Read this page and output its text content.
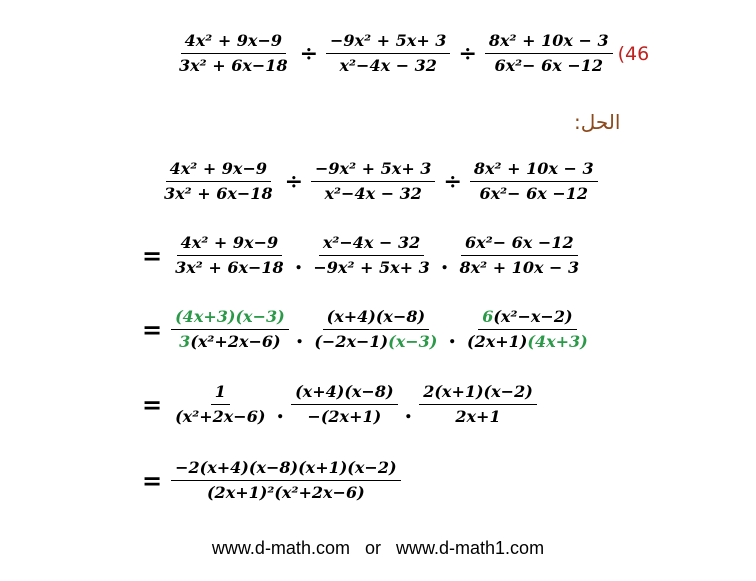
$\frac{\text{4x² + 9x−9}}{\text{3x² + 6x−18}} \div \frac{\text{−9x² + 5x+ 3}}{\text{x²−4x − 32}} \div \frac{\text{8x² + 10x − 3}}{\text{6x²− 6x −12}} (46$
الحل:
$\frac{\text{4x² + 9x−9}}{\text{3x² + 6x−18}} \div \frac{\text{−9x² + 5x+ 3}}{\text{x²−4x − 32}} \div \frac{\text{8x² + 10x − 3}}{\text{6x²− 6x −12}}$
= $\frac{\text{4x² + 9x−9}}{\text{3x² + 6x−18}}$ . $\frac{\text{x²−4x − 32}}{\text{−9x² + 5x+ 3}}$ . $\frac{\text{6x²− 6x −12}}{\text{8x² + 10x − 3}}$
= $\frac{(4x+3)(x-3)}{\text{3(x²+2x−6)}}$ . $\frac{(x+4)(x-8)}{(-2x-1)(x-3)}$ . $\frac{\text{6(x²−x−2)}}{(2x+1)(4x+3)}$
= $\frac{1}{\text{(x²+2x−6)}}$ . $\frac{(x+4)(x-8)}{-(2x+1)}$ . $\frac{2(x+1)(x-2)}{2x+1}$
= $\frac{-2(x+4)(x-8)(x+1)(x-2)}{\text{(2x+1)²(x²+2x−6)}}$
www.d-math.com or www.d-math1.com
